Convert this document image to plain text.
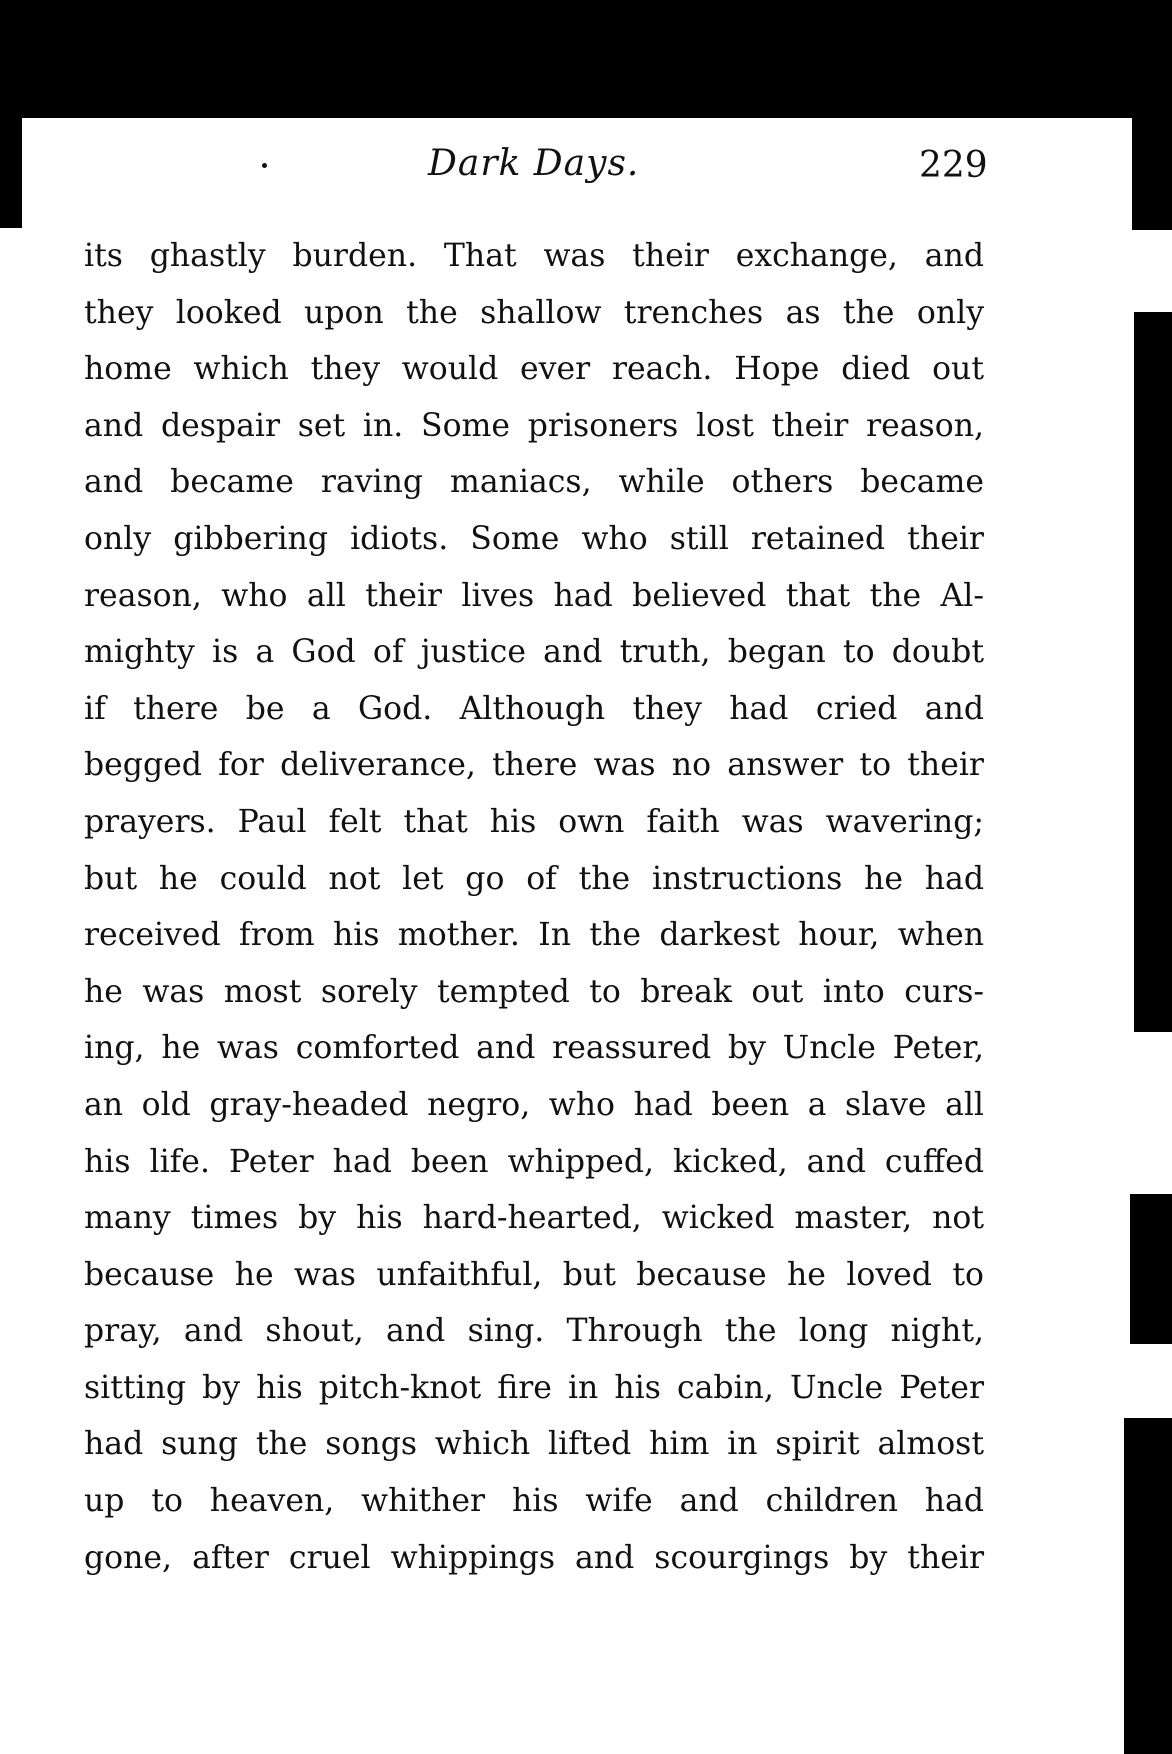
Dark Days.	229
its ghastly burden. That was their exchange, and
they looked upon the shallow trenches as the only
home which they would ever reach. Hope died out
and despair set in. Some prisoners lost their reason,
and became raving maniacs, while others became
only gibbering idiots. Some who still retained their
reason, who all their lives had believed that the Al-
mighty is a God of justice and truth, began to doubt
if there be a God. Although they had cried and
begged for deliverance, there was no answer to their
prayers. Paul felt that his own faith was wavering;
but he could not let go of the instructions he had
received from his mother. In the darkest hour, when
he was most sorely tempted to break out into curs-
ing, he was comforted and reassured by Uncle Peter,
an old gray-headed negro, who had been a slave all
his life. Peter had been whipped, kicked, and cuffed
many times by his hard-hearted, wicked master, not
because he was unfaithful, but because he loved to
pray, and shout, and sing. Through the long night,
sitting by his pitch-knot fire in his cabin, Uncle Peter
had sung the songs which lifted him in spirit almost
up to heaven, whither his wife and children had
gone, after cruel whippings and scourgings by their
